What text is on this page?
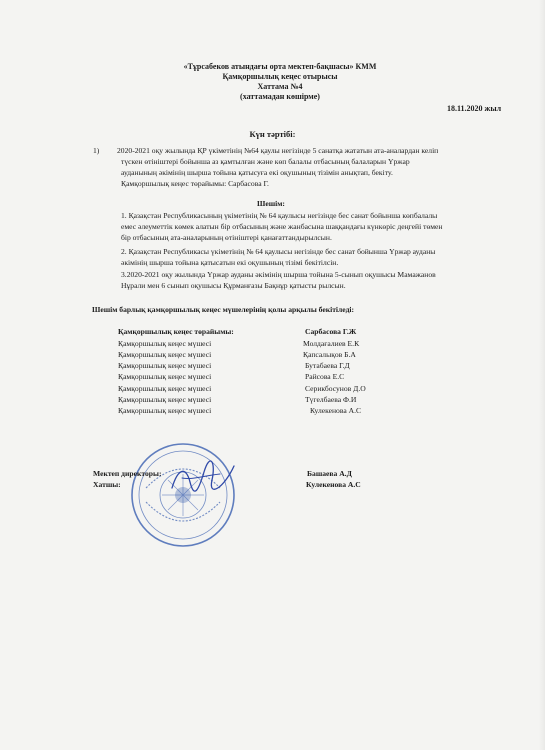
«Тұрсабеков атындағы орта мектеп-бақшасы» КММ
Қамқоршылық кеңес отырысы
Хаттама №4
(хаттамадан көшірме)
18.11.2020 жыл
Күн тәртібі:
1) 2020-2021 оқу жылында ҚР үкіметінің №64 қаулы негізінде 5 санатқа жататын ата-аналардан келіп
түскен өтініштері бойынша аз қамтылған және көп балалы отбасының балаларын Үржар
ауданының әкімінің шырша тойына қатысуға екі оқушының тізімін анықтап, бекіту.
Қамқоршылық кеңес төрайымы: Сарбасова Г.
Шешім:
1. Қазақстан Республикасының үкіметінің № 64 қаулысы негізінде бес санат бойынша көпбалалы
емес әлеуметтік көмек алатын бір отбасының және жанбасына шаққандағы күнкөріс деңгейі төмен
бір отбасының ата-аналарының өтініштері қанағаттандырылсын.
2. Қазақстан Республикасы үкіметінің № 64 қаулысы негізінде бес санат бойынша Үржар ауданы
әкімінің шырша тойына қатысатын екі оқушының тізімі бекітілсін.
3.2020-2021 оқу жылында Үржар ауданы әкімінің шырша тойына 5-сынып оқушысы Мамажанов
Нұрали мен 6 сынып оқушысы Құрманғазы Бақнұр қатысты рылсын.
Шешім барлық қамқоршылық кеңес мүшелерінің қолы арқылы бекітіледі:
Қамқоршылық кеңес төрайымы:	Сарбасова Г.Ж
Қамқоршылық кеңес мүшесі	Молдағалиев Е.К
Қамқоршылық кеңес мүшесі	Қапсалықов Б.А
Қамқоршылық кеңес мүшесі	Бутабаева Г.Д
Қамқоршылық кеңес мүшесі	Райсова Е.С
Қамқоршылық кеңес мүшесі	Серикбосунов Д.О
Қамқоршылық кеңес мүшесі	Түгелбаева Ф.И
Қамқоршылық кеңес мүшесі	Кулекенова А.С
Мектеп директоры:	Башаева А.Д
Хатшы:	Кулекенова А.С
